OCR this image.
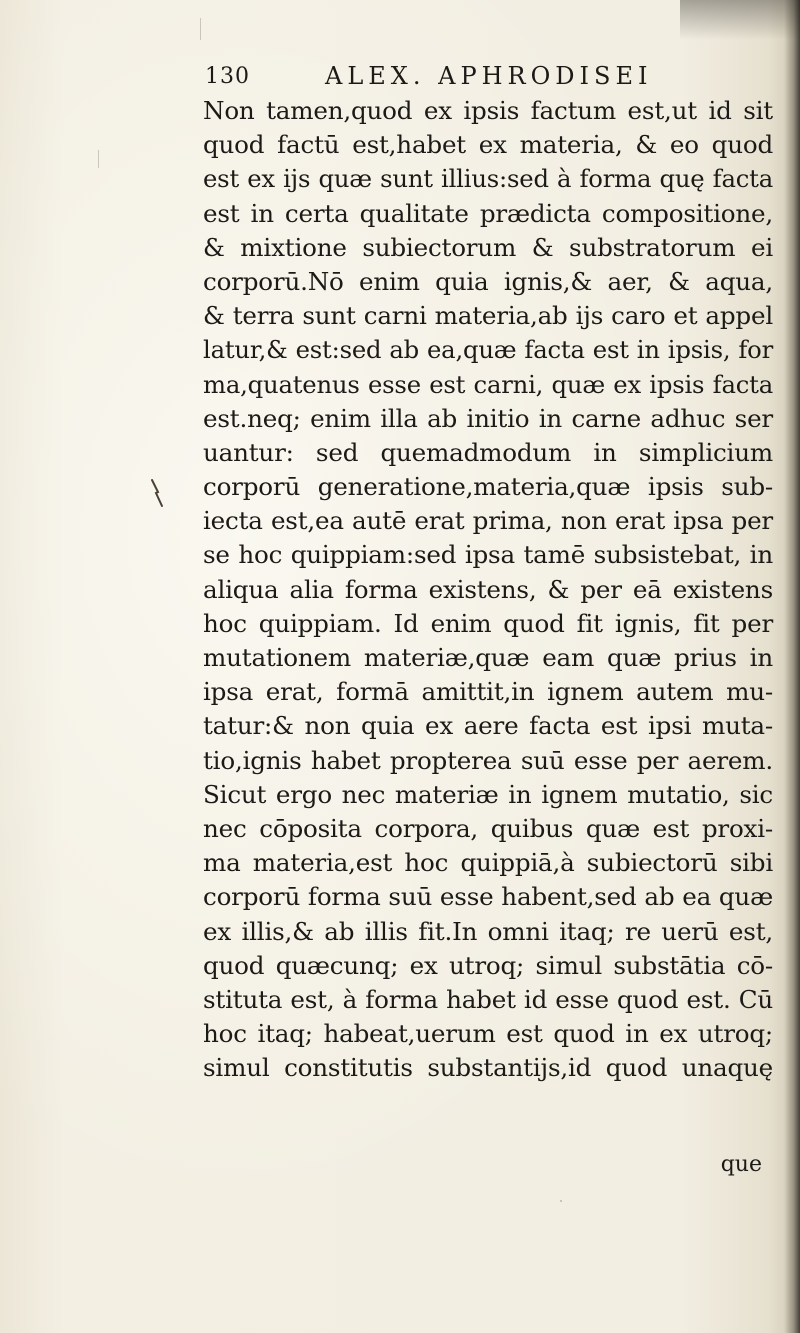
130	ALEX. APHRODISEI
Non tamen,quod ex ipsis factum est,ut id sit
quod factū est,habet ex materia, & eo quod
est ex ijs quæ sunt illius:sed à forma quę facta
est in certa qualitate prædicta compositione,
& mixtione subiectorum & substratorum ei
corporū.Nō enim quia ignis,& aer, & aqua,
& terra sunt carni materia,ab ijs caro et appel
latur,& est:sed ab ea,quæ facta est in ipsis, for
ma,quatenus esse est carni, quæ ex ipsis facta
est.neq; enim illa ab initio in carne adhuc ser
uantur: sed quemadmodum in simplicium
corporū generatione,materia,quæ ipsis sub-
iecta est,ea autē erat prima, non erat ipsa per
se hoc quippiam:sed ipsa tamē subsistebat, in
aliqua alia forma existens, & per eā existens
hoc quippiam. Id enim quod fit ignis, fit per
mutationem materiæ,quæ eam quæ prius in
ipsa erat, formā amittit,in ignem autem mu-
tatur:& non quia ex aere facta est ipsi muta-
tio,ignis habet propterea suū esse per aerem.
Sicut ergo nec materiæ in ignem mutatio, sic
nec cōposita corpora, quibus quæ est proxi-
ma materia,est hoc quippiā,à subiectorū sibi
corporū forma suū esse habent,sed ab ea quæ
ex illis,& ab illis fit.In omni itaq; re uerū est,
quod quæcunq; ex utroq; simul substātia cō-
stituta est, à forma habet id esse quod est. Cū
hoc itaq; habeat,uerum est quod in ex utroq;
simul constitutis substantijs,id quod unaquę
que
